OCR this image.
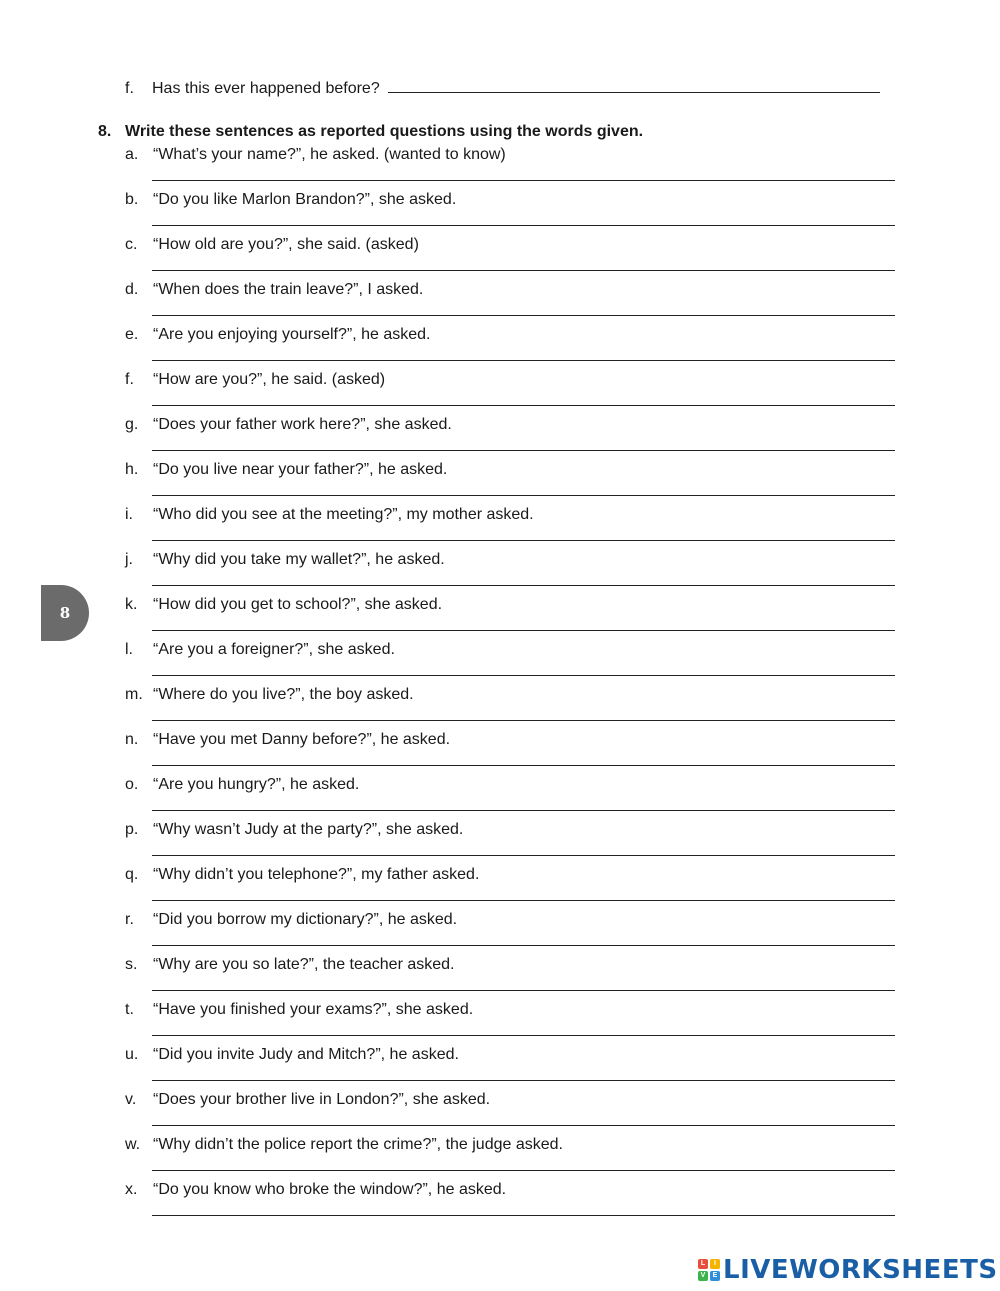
f. Has this ever happened before?
8. Write these sentences as reported questions using the words given.
a. “What’s your name?”, he asked. (wanted to know)
b. “Do you like Marlon Brandon?”, she asked.
c. “How old are you?”, she said. (asked)
d. “When does the train leave?”, I asked.
e. “Are you enjoying yourself?”, he asked.
f. “How are you?”, he said. (asked)
g. “Does your father work here?”, she asked.
h. “Do you live near your father?”, he asked.
i. “Who did you see at the meeting?”, my mother asked.
j. “Why did you take my wallet?”, he asked.
k. “How did you get to school?”, she asked.
l. “Are you a foreigner?”, she asked.
m. “Where do you live?”, the boy asked.
n. “Have you met Danny before?”, he asked.
o. “Are you hungry?”, he asked.
p. “Why wasn’t Judy at the party?”, she asked.
q. “Why didn’t you telephone?”, my father asked.
r. “Did you borrow my dictionary?”, he asked.
s. “Why are you so late?”, the teacher asked.
t. “Have you finished your exams?”, she asked.
u. “Did you invite Judy and Mitch?”, he asked.
v. “Does your brother live in London?”, she asked.
w. “Why didn’t the police report the crime?”, the judge asked.
x. “Do you know who broke the window?”, he asked.
8
L	I
V	E LIVEWORKSHEETS
